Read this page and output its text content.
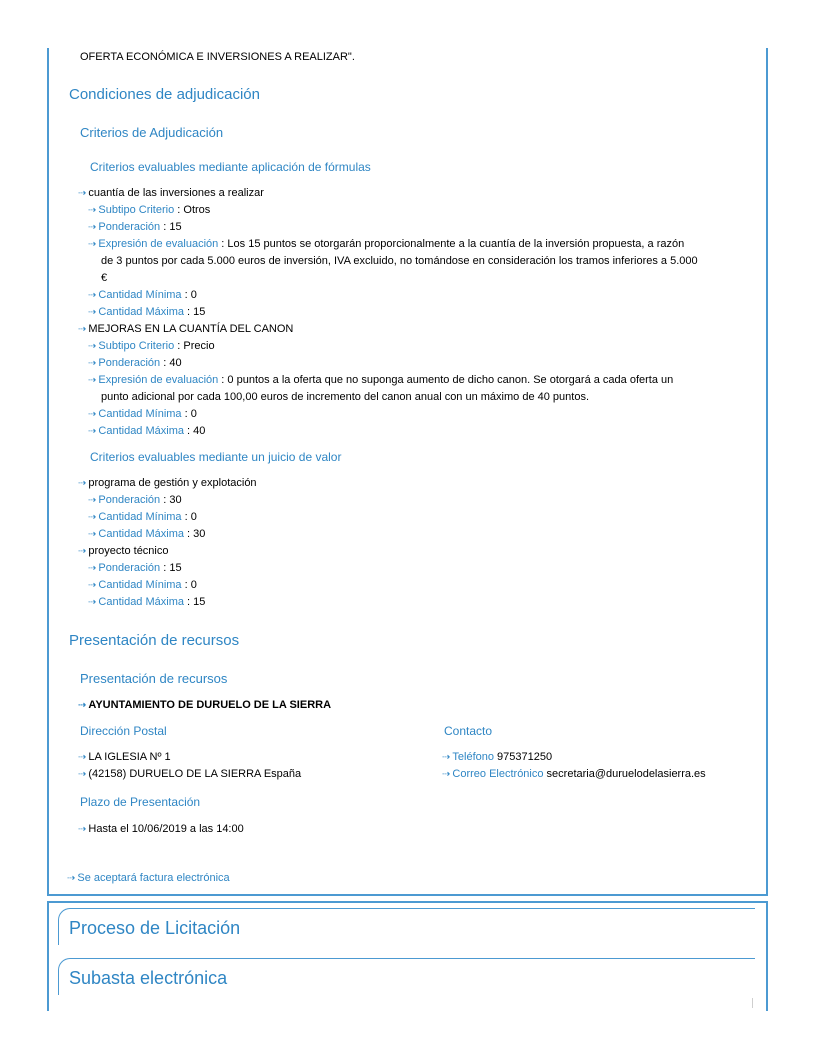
OFERTA ECONÓMICA E INVERSIONES A REALIZAR".
Condiciones de adjudicación
Criterios de Adjudicación
Criterios evaluables mediante aplicación de fórmulas
⇢ cuantía de las inversiones a realizar
⇢ Subtipo Criterio : Otros
⇢ Ponderación : 15
⇢ Expresión de evaluación : Los 15 puntos se otorgarán proporcionalmente a la cuantía de la inversión propuesta, a razón
de 3 puntos por cada 5.000 euros de inversión, IVA excluido, no tomándose en consideración los tramos inferiores a 5.000
€
⇢ Cantidad Mínima : 0
⇢ Cantidad Máxima : 15
⇢ MEJORAS EN LA CUANTÍA DEL CANON
⇢ Subtipo Criterio : Precio
⇢ Ponderación : 40
⇢ Expresión de evaluación : 0 puntos a la oferta que no suponga aumento de dicho canon. Se otorgará a cada oferta un
punto adicional por cada 100,00 euros de incremento del canon anual con un máximo de 40 puntos.
⇢ Cantidad Mínima : 0
⇢ Cantidad Máxima : 40
Criterios evaluables mediante un juicio de valor
⇢ programa de gestión y explotación
⇢ Ponderación : 30
⇢ Cantidad Mínima : 0
⇢ Cantidad Máxima : 30
⇢ proyecto técnico
⇢ Ponderación : 15
⇢ Cantidad Mínima : 0
⇢ Cantidad Máxima : 15
Presentación de recursos
Presentación de recursos
⇢ AYUNTAMIENTO DE DURUELO DE LA SIERRA
Dirección Postal
⇢ LA IGLESIA Nº 1
⇢ (42158) DURUELO DE LA SIERRA España
Contacto
⇢ Teléfono 975371250
⇢ Correo Electrónico secretaria@duruelodelasierra.es
Plazo de Presentación
⇢ Hasta el 10/06/2019 a las 14:00
⇢ Se aceptará factura electrónica
Proceso de Licitación
Subasta electrónica
